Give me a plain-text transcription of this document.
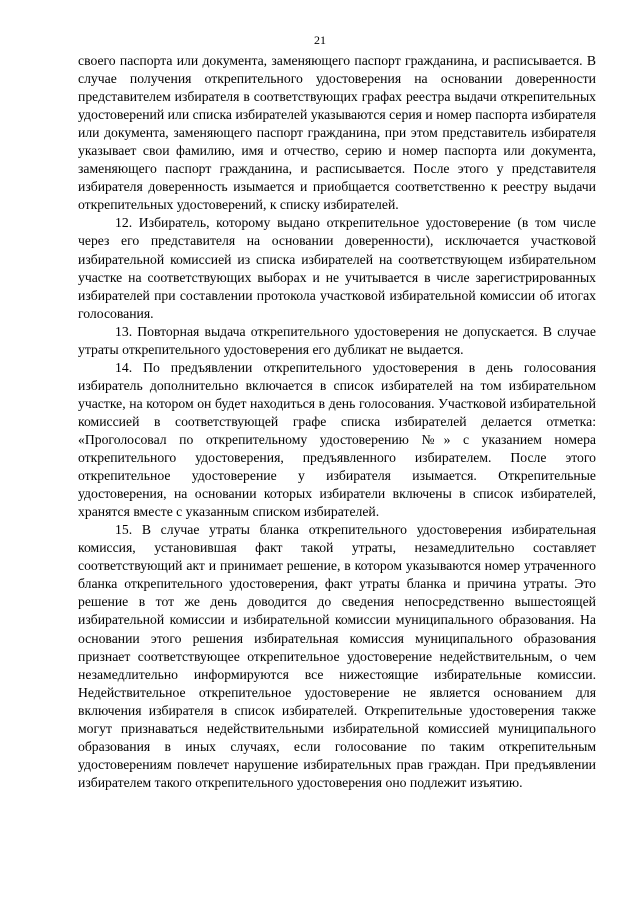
21

своего паспорта или документа, заменяющего паспорт гражданина, и расписывается. В случае получения открепительного удостоверения на основании доверенности представителем избирателя в соответствующих графах реестра выдачи открепительных удостоверений или списка избирателей указываются серия и номер паспорта избирателя или документа, заменяющего паспорт гражданина, при этом представитель избирателя указывает свои фамилию, имя и отчество, серию и номер паспорта или документа, заменяющего паспорт гражданина, и расписывается. После этого у представителя избирателя доверенность изымается и приобщается соответственно к реестру выдачи открепительных удостоверений, к списку избирателей.

12. Избиратель, которому выдано открепительное удостоверение (в том числе через его представителя на основании доверенности), исключается участковой избирательной комиссией из списка избирателей на соответствующем избирательном участке на соответствующих выборах и не учитывается в числе зарегистрированных избирателей при составлении протокола участковой избирательной комиссии об итогах голосования.

13. Повторная выдача открепительного удостоверения не допускается. В случае утраты открепительного удостоверения его дубликат не выдается.

14. По предъявлении открепительного удостоверения в день голосования избиратель дополнительно включается в список избирателей на том избирательном участке, на котором он будет находиться в день голосования. Участковой избирательной комиссией в соответствующей графе списка избирателей делается отметка: «Проголосовал по открепительному удостоверению №» с указанием номера открепительного удостоверения, предъявленного избирателем. После этого открепительное удостоверение у избирателя изымается. Открепительные удостоверения, на основании которых избиратели включены в список избирателей, хранятся вместе с указанным списком избирателей.

15. В случае утраты бланка открепительного удостоверения избирательная комиссия, установившая факт такой утраты, незамедлительно составляет соответствующий акт и принимает решение, в котором указываются номер утраченного бланка открепительного удостоверения, факт утраты бланка и причина утраты. Это решение в тот же день доводится до сведения непосредственно вышестоящей избирательной комиссии и избирательной комиссии муниципального образования. На основании этого решения избирательная комиссия муниципального образования признает соответствующее открепительное удостоверение недействительным, о чем незамедлительно информируются все нижестоящие избирательные комиссии. Недействительное открепительное удостоверение не является основанием для включения избирателя в список избирателей. Открепительные удостоверения также могут признаваться недействительными избирательной комиссией муниципального образования в иных случаях, если голосование по таким открепительным удостоверениям повлечет нарушение избирательных прав граждан. При предъявлении избирателем такого открепительного удостоверения оно подлежит изъятию.
